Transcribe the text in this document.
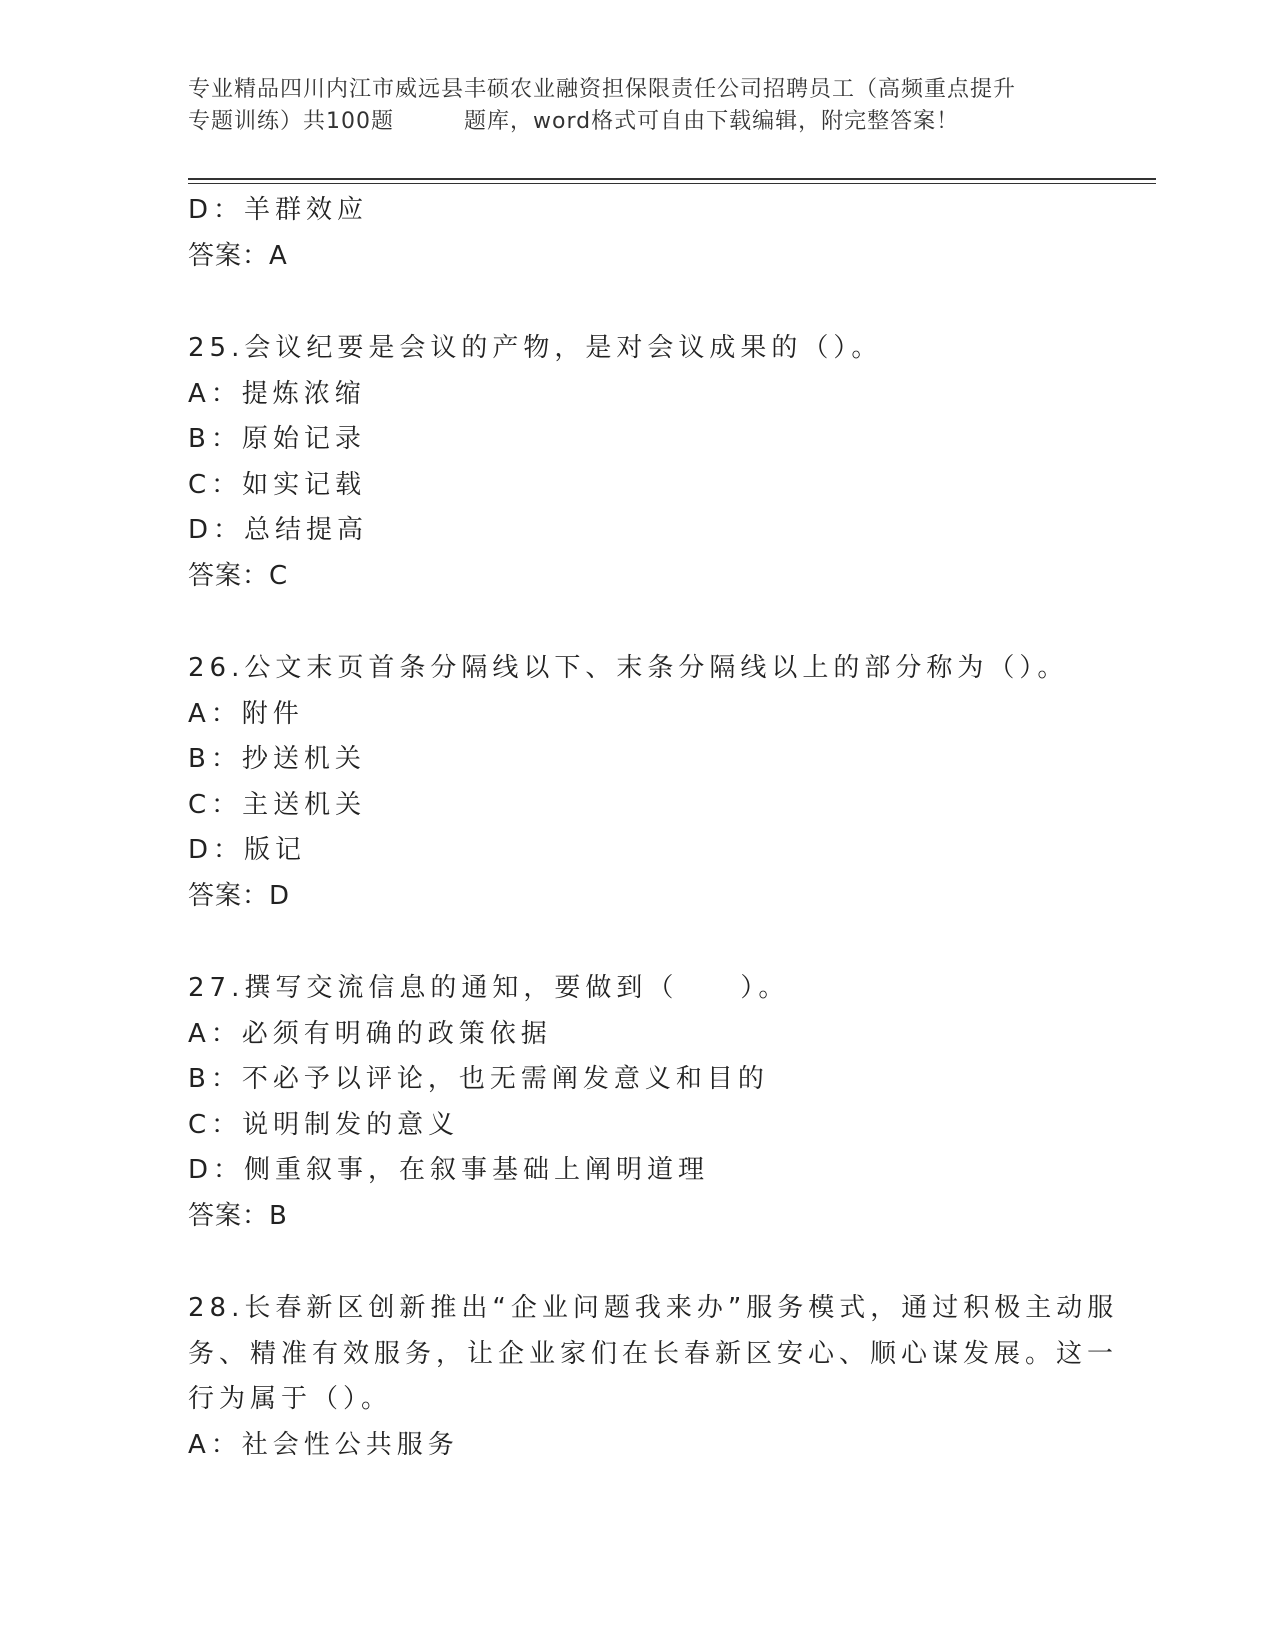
专业精品四川内江市威远县丰硕农业融资担保限责任公司招聘员工（高频重点提升
专题训练）共100题	题库，word格式可自由下载编辑，附完整答案！
D：羊群效应
答案：A
25.会议纪要是会议的产物，是对会议成果的（）。
A：提炼浓缩
B：原始记录
C：如实记载
D：总结提高
答案：C
26.公文末页首条分隔线以下、末条分隔线以上的部分称为（）。
A：附件
B：抄送机关
C：主送机关
D：版记
答案：D
27.撰写交流信息的通知，要做到（　　）。
A：必须有明确的政策依据
B：不必予以评论，也无需阐发意义和目的
C：说明制发的意义
D：侧重叙事，在叙事基础上阐明道理
答案：B
28.长春新区创新推出“企业问题我来办”服务模式，通过积极主动服
务、精准有效服务，让企业家们在长春新区安心、顺心谋发展。这一
行为属于（）。
A：社会性公共服务
